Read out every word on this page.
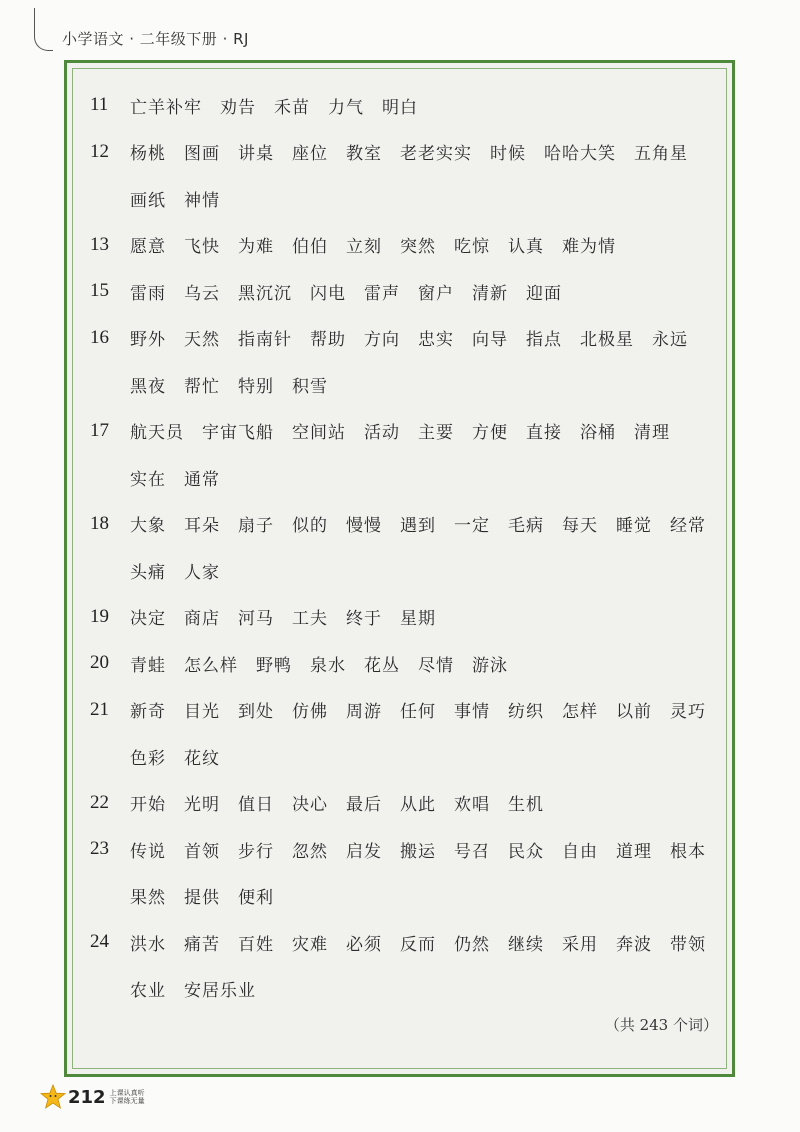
小学语文 · 二年级下册 · RJ
11	亡羊补牢 劝告 禾苗 力气 明白
12	杨桃 图画 讲桌 座位 教室 老老实实 时候 哈哈大笑 五角星
画纸 神情
13	愿意 飞快 为难 伯伯 立刻 突然 吃惊 认真 难为情
15	雷雨 乌云 黑沉沉 闪电 雷声 窗户 清新 迎面
16	野外 天然 指南针 帮助 方向 忠实 向导 指点 北极星 永远
黑夜 帮忙 特别 积雪
17	航天员 宇宙飞船 空间站 活动 主要 方便 直接 浴桶 清理
实在 通常
18	大象 耳朵 扇子 似的 慢慢 遇到 一定 毛病 每天 睡觉 经常
头痛 人家
19	决定 商店 河马 工夫 终于 星期
20	青蛙 怎么样 野鸭 泉水 花丛 尽情 游泳
21	新奇 目光 到处 仿佛 周游 任何 事情 纺织 怎样 以前 灵巧
色彩 花纹
22	开始 光明 值日 决心 最后 从此 欢唱 生机
23	传说 首领 步行 忽然 启发 搬运 号召 民众 自由 道理 根本
果然 提供 便利
24	洪水 痛苦 百姓 灾难 必须 反而 仍然 继续 采用 奔波 带领
农业 安居乐业
（共 243 个词）
212 上课认真听
下课练无量
